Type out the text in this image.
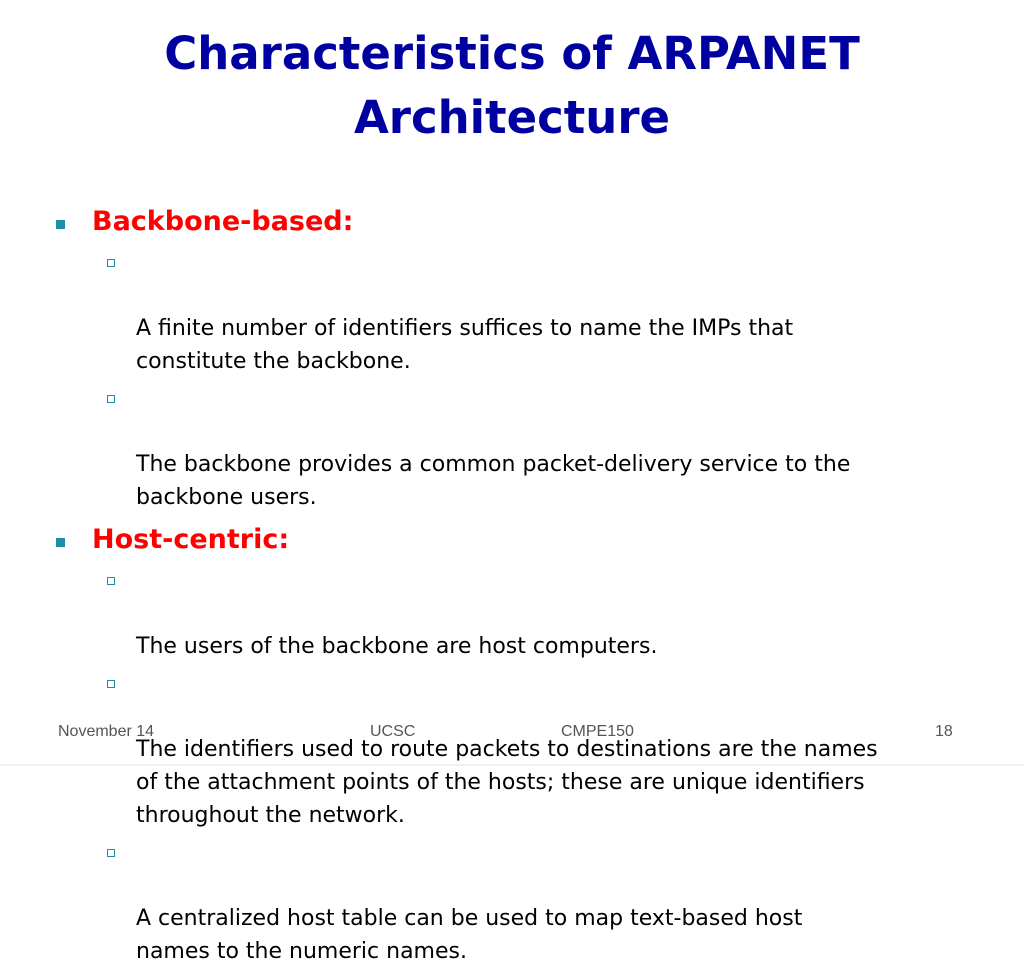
Characteristics of ARPANET Architecture
Backbone-based:

A finite number of identifiers suffices to name the IMPs that
constitute the backbone.

The backbone provides a common packet-delivery service to the
backbone users.

Host-centric:

The users of the backbone are host computers.

The identifiers used to route packets to destinations are the names
of the attachment points of the hosts; these are unique identifiers
throughout the network.

A centralized host table can be used to map text-based host
names to the numeric names.

November 14	UCSC	CMPE150	18
